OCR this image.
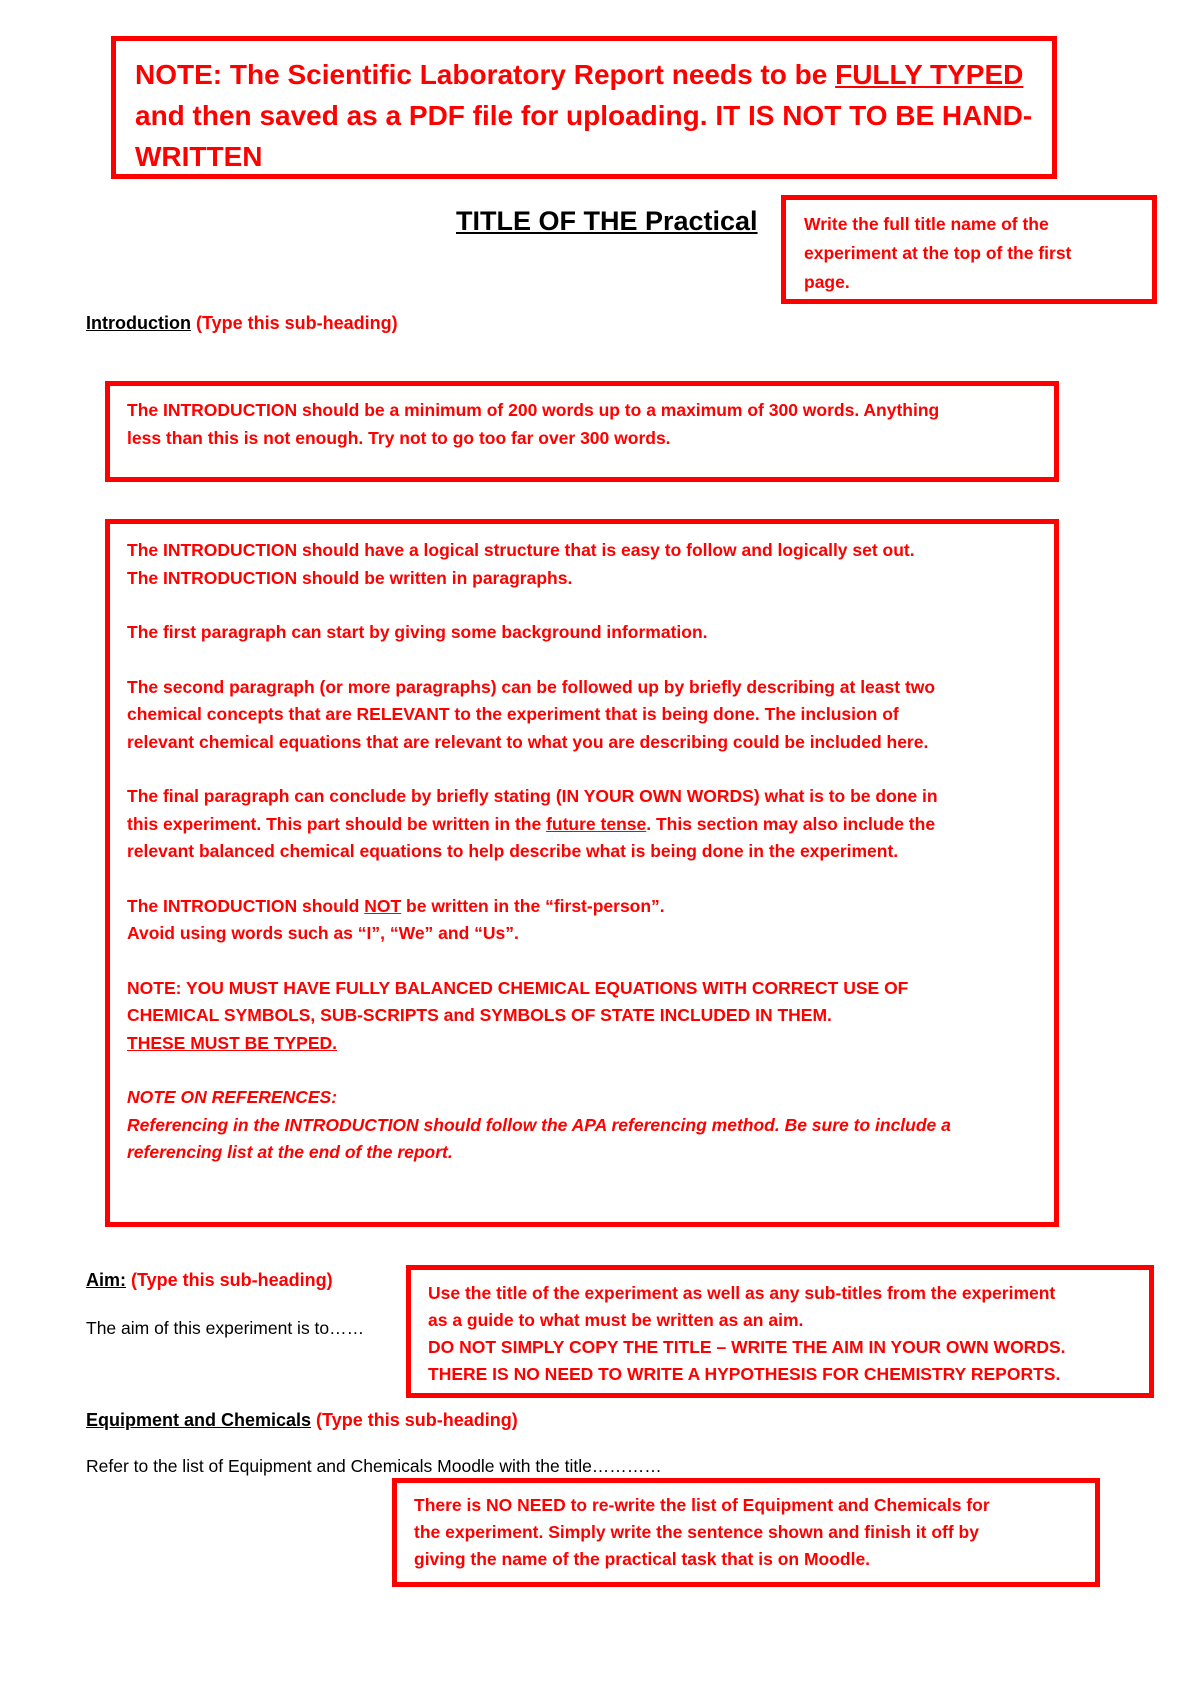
NOTE: The Scientific Laboratory Report needs to be FULLY TYPED
and then saved as a PDF file for uploading. IT IS NOT TO BE HAND-
WRITTEN
TITLE OF THE Practical	Write the full title name of the
experiment at the top of the first
page.
Introduction (Type this sub-heading)
The INTRODUCTION should be a minimum of 200 words up to a maximum of 300 words. Anything
less than this is not enough. Try not to go too far over 300 words.
The INTRODUCTION should have a logical structure that is easy to follow and logically set out.
The INTRODUCTION should be written in paragraphs.
The first paragraph can start by giving some background information.
The second paragraph (or more paragraphs) can be followed up by briefly describing at least two
chemical concepts that are RELEVANT to the experiment that is being done. The inclusion of
relevant chemical equations that are relevant to what you are describing could be included here.
The final paragraph can conclude by briefly stating (IN YOUR OWN WORDS) what is to be done in
this experiment. This part should be written in the future tense. This section may also include the
relevant balanced chemical equations to help describe what is being done in the experiment.
The INTRODUCTION should NOT be written in the “first-person”.
Avoid using words such as “I”, “We” and “Us”.
NOTE: YOU MUST HAVE FULLY BALANCED CHEMICAL EQUATIONS WITH CORRECT USE OF
CHEMICAL SYMBOLS, SUB-SCRIPTS and SYMBOLS OF STATE INCLUDED IN THEM.
THESE MUST BE TYPED.
NOTE ON REFERENCES:
Referencing in the INTRODUCTION should follow the APA referencing method. Be sure to include a
referencing list at the end of the report.
Aim: (Type this sub-heading)
The aim of this experiment is to……
Use the title of the experiment as well as any sub-titles from the experiment
as a guide to what must be written as an aim.
DO NOT SIMPLY COPY THE TITLE – WRITE THE AIM IN YOUR OWN WORDS.
THERE IS NO NEED TO WRITE A HYPOTHESIS FOR CHEMISTRY REPORTS.
Equipment and Chemicals (Type this sub-heading)
Refer to the list of Equipment and Chemicals Moodle with the title…………
There is NO NEED to re-write the list of Equipment and Chemicals for
the experiment. Simply write the sentence shown and finish it off by
giving the name of the practical task that is on Moodle.
